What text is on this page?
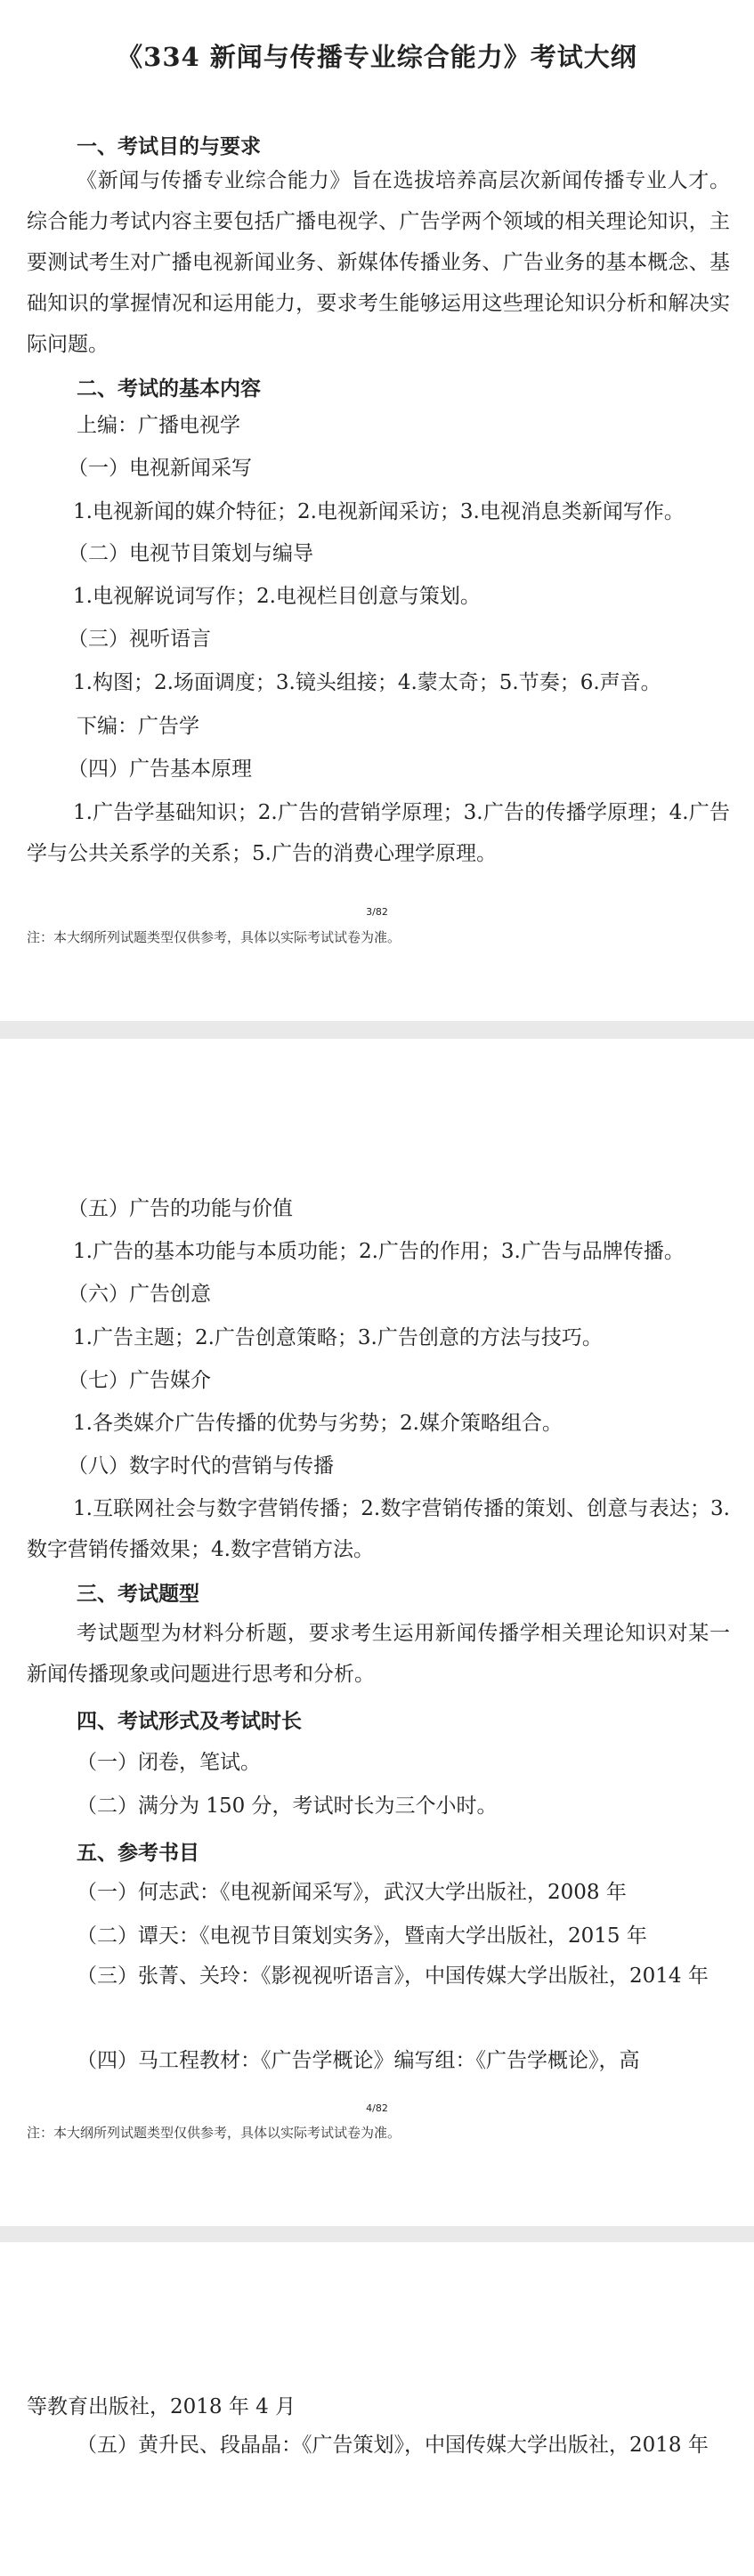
《334 新闻与传播专业综合能力》考试大纲
一、考试目的与要求
《新闻与传播专业综合能力》旨在选拔培养高层次新闻传播专业人才。综合能力考试内容主要包括广播电视学、广告学两个领域的相关理论知识，主要测试考生对广播电视新闻业务、新媒体传播业务、广告业务的基本概念、基础知识的掌握情况和运用能力，要求考生能够运用这些理论知识分析和解决实际问题。
二、考试的基本内容
上编：广播电视学
（一）电视新闻采写
1.电视新闻的媒介特征；2.电视新闻采访；3.电视消息类新闻写作。
（二）电视节目策划与编导
1.电视解说词写作；2.电视栏目创意与策划。
（三）视听语言
1.构图；2.场面调度；3.镜头组接；4.蒙太奇；5.节奏；6.声音。
下编：广告学
（四）广告基本原理
1.广告学基础知识；2.广告的营销学原理；3.广告的传播学原理；4.广告学与公共关系学的关系；5.广告的消费心理学原理。
3/82
注：本大纲所列试题类型仅供参考，具体以实际考试试卷为准。
（五）广告的功能与价值
1.广告的基本功能与本质功能；2.广告的作用；3.广告与品牌传播。
（六）广告创意
1.广告主题；2.广告创意策略；3.广告创意的方法与技巧。
（七）广告媒介
1.各类媒介广告传播的优势与劣势；2.媒介策略组合。
（八）数字时代的营销与传播
1.互联网社会与数字营销传播；2.数字营销传播的策划、创意与表达；3.数字营销传播效果；4.数字营销方法。
三、考试题型
考试题型为材料分析题，要求考生运用新闻传播学相关理论知识对某一新闻传播现象或问题进行思考和分析。
四、考试形式及考试时长
（一）闭卷，笔试。
（二）满分为 150 分，考试时长为三个小时。
五、参考书目
（一）何志武：《电视新闻采写》，武汉大学出版社，2008 年
（二）谭天：《电视节目策划实务》，暨南大学出版社，2015 年
（三）张菁、关玲：《影视视听语言》，中国传媒大学出版社，2014 年
（四）马工程教材：《广告学概论》编写组：《广告学概论》，高
4/82
注：本大纲所列试题类型仅供参考，具体以实际考试试卷为准。
等教育出版社，2018 年 4 月
（五）黄升民、段晶晶：《广告策划》，中国传媒大学出版社，2018 年
